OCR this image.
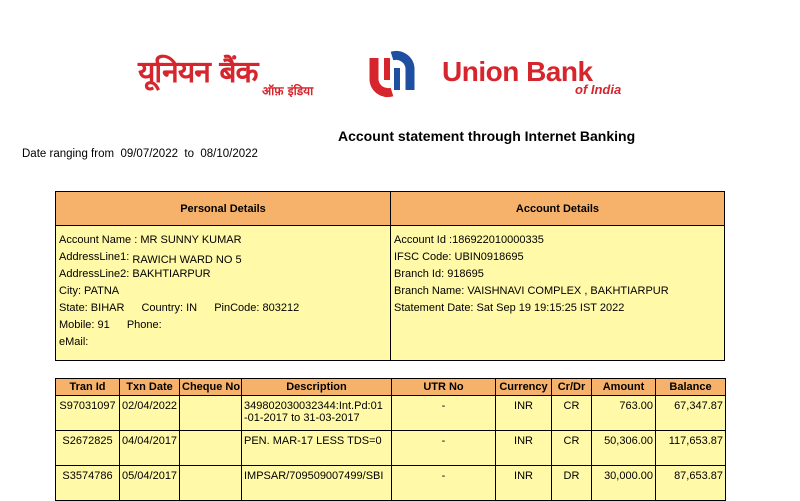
यूनियन बैंक
ऑफ़ इंडिया
Union Bank
of India
Account statement through Internet Banking
Date ranging from 09/07/2022 to 08/10/2022
Personal Details	Account Details
Account Name : MR SUNNY KUMAR
AddressLine1: RAWICH WARD NO 5
AddressLine2: BAKHTIARPUR
City: PATNA
State: BIHAR Country: IN PinCode: 803212
Mobile: 91 Phone:
eMail:
Account Id :186922010000335
IFSC Code: UBIN0918695
Branch Id: 918695
Branch Name: VAISHNAVI COMPLEX , BAKHTIARPUR
Statement Date: Sat Sep 19 19:15:25 IST 2022
Tran Id	Txn Date	Cheque No	Description	UTR No	Currency	Cr/Dr	Amount	Balance
S97031097	02/04/2022		349802030032344:Int.Pd:01
-01-2017 to 31-03-2017	-	INR	CR	763.00	67,347.87
S2672825	04/04/2017		PEN. MAR-17 LESS TDS=0	-	INR	CR	50,306.00	117,653.87
S3574786	05/04/2017		IMPSAR/709509007499/SBI	-	INR	DR	30,000.00	87,653.87
